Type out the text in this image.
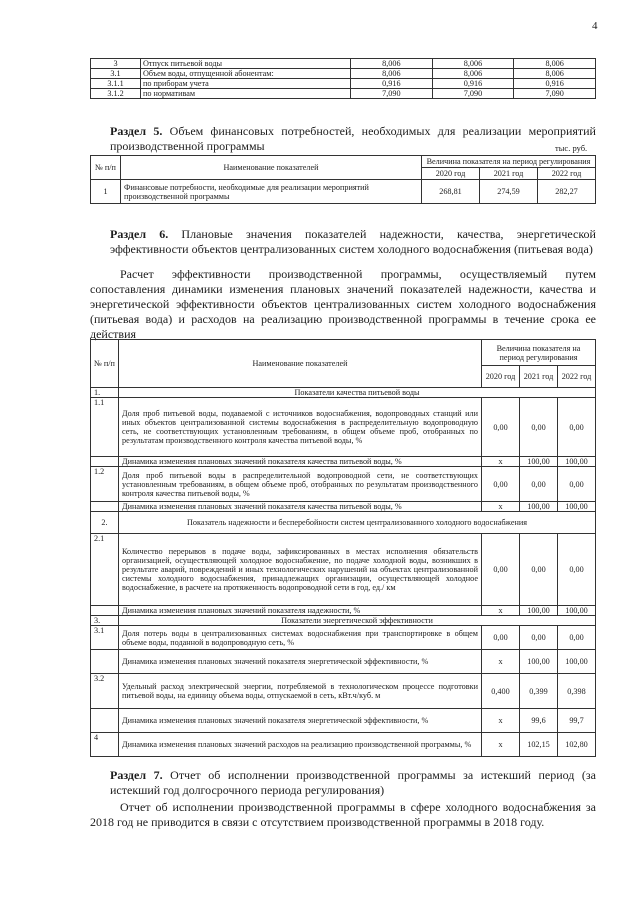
4
3	Отпуск питьевой воды	8,006	8,006	8,006
3.1	Объем воды, отпущенной абонентам:	8,006	8,006	8,006
3.1.1	по приборам учета	0,916	0,916	0,916
3.1.2	по нормативам	7,090	7,090	7,090
Раздел 5. Объем финансовых потребностей, необходимых для реализации мероприятий производственной программы	тыс. руб.
№ п/п	Наименование показателей	Величина показателя на период регулирования		
		2020 год	2021 год	2022 год
1	Финансовые потребности, необходимые для реализации мероприятий производственной программы	268,81	274,59	282,27
Раздел 6. Плановые значения показателей надежности, качества, энергетической эффективности объектов централизованных систем холодного водоснабжения (питьевая вода)
Расчет эффективности производственной программы, осуществляемый путем сопоставления динамики изменения плановых значений показателей надежности, качества и энергетической эффективности объектов централизованных систем холодного водоснабжения (питьевая вода) и расходов на реализацию производственной программы в течение срока ее действия
№ п/п	Наименование показателей	Величина показателя на период регулирования		
		2020 год	2021 год	2022 год
1.	Показатели качества питьевой воды			
1.1	Доля проб питьевой воды, подаваемой с источников водоснабжения, водопроводных станций или иных объектов централизованной системы водоснабжения в распределительную водопроводную сеть, не соответствующих установленным требованиям, в общем объеме проб, отобранных по результатам производственного контроля качества питьевой воды, %	0,00	0,00	0,00
	Динамика изменения плановых значений показателя качества питьевой воды, %	x	100,00	100,00
1.2	Доля проб питьевой воды в распределительной водопроводной сети, не соответствующих установленным требованиям, в общем объеме проб, отобранных по результатам производственного контроля качества питьевой воды, %	0,00	0,00	0,00
	Динамика изменения плановых значений показателя качества питьевой воды, %	x	100,00	100,00
2.	Показатель надежности и бесперебойности систем централизованного холодного водоснабжения			
2.1	Количество перерывов в подаче воды, зафиксированных в местах исполнения обязательств организацией, осуществляющей холодное водоснабжение, по подаче холодной воды, возникших в результате аварий, повреждений и иных технологических нарушений на объектах централизованной системы холодного водоснабжения, принадлежащих организации, осуществляющей холодное водоснабжение, в расчете на протяженность водопроводной сети в год, ед./ км	0,00	0,00	0,00
	Динамика изменения плановых значений показателя надежности, %	x	100,00	100,00
3.	Показатели энергетической эффективности			
3.1	Доля потерь воды в централизованных системах водоснабжения при транспортировке в общем объеме воды, поданной в водопроводную сеть, %	0,00	0,00	0,00
	Динамика изменения плановых значений показателя энергетической эффективности, %	x	100,00	100,00
3.2	Удельный расход электрической энергии, потребляемой в технологическом процессе подготовки питьевой воды, на единицу объема воды, отпускаемой в сеть, кВт.ч/куб. м	0,400	0,399	0,398
	Динамика изменения плановых значений показателя энергетической эффективности, %	x	99,6	99,7
4	Динамика изменения плановых значений расходов на реализацию производственной программы, %	x	102,15	102,80
Раздел 7. Отчет об исполнении производственной программы за истекший период (за истекший год долгосрочного периода регулирования)
Отчет об исполнении производственной программы в сфере холодного водоснабжения за 2018 год не приводится в связи с отсутствием производственной программы в 2018 году.
